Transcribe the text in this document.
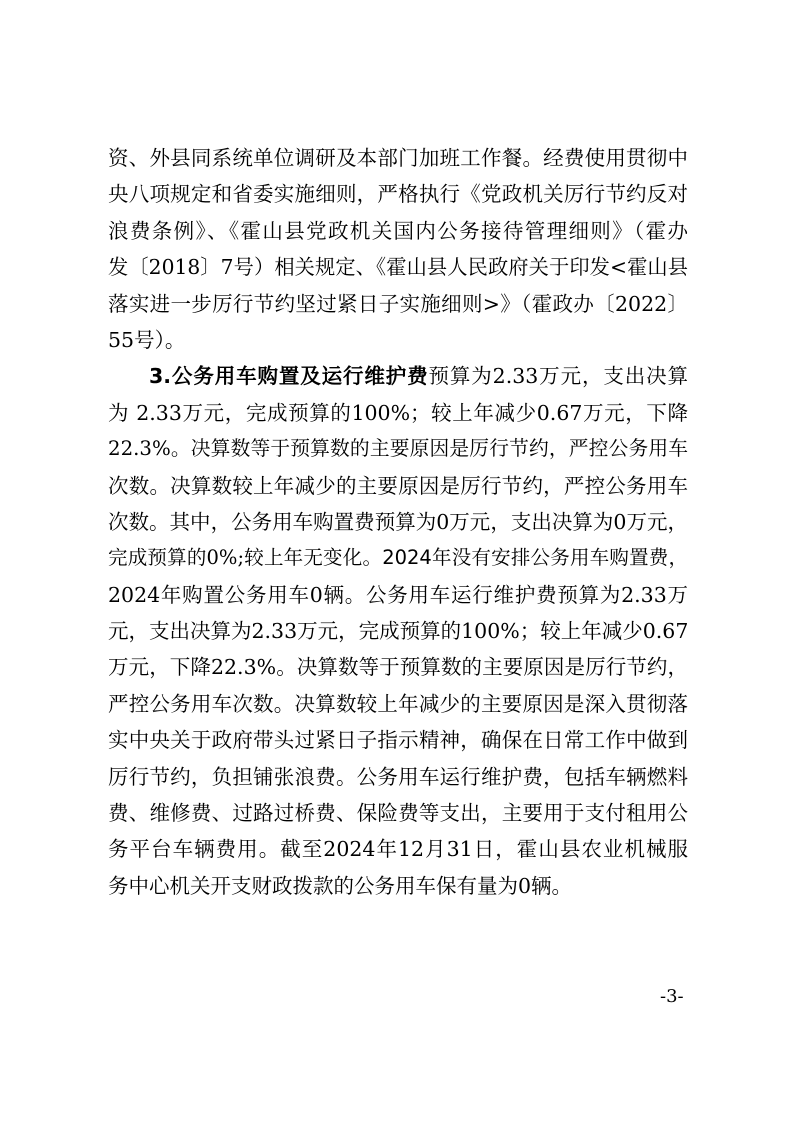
资、外县同系统单位调研及本部门加班工作餐。经费使用贯彻中
央八项规定和省委实施细则，严格执行《党政机关厉行节约反对
浪费条例》、《霍山县党政机关国内公务接待管理细则》（霍办
发〔2018〕7号）相关规定、《霍山县人民政府关于印发<霍山县
落实进一步厉行节约坚过紧日子实施细则>》（霍政办〔2022〕
55号）。
3.公务用车购置及运行维护费预算为2.33万元，支出决算
为 2.33万元，完成预算的100%；较上年减少0.67万元，下降
22.3%。决算数等于预算数的主要原因是厉行节约，严控公务用车
次数。决算数较上年减少的主要原因是厉行节约，严控公务用车
次数。其中，公务用车购置费预算为0万元，支出决算为0万元，
完成预算的0%;较上年无变化。2024年没有安排公务用车购置费，
2024年购置公务用车0辆。公务用车运行维护费预算为2.33万
元，支出决算为2.33万元，完成预算的100%；较上年减少0.67
万元，下降22.3%。决算数等于预算数的主要原因是厉行节约，
严控公务用车次数。决算数较上年减少的主要原因是深入贯彻落
实中央关于政府带头过紧日子指示精神，确保在日常工作中做到
厉行节约，负担铺张浪费。公务用车运行维护费，包括车辆燃料
费、维修费、过路过桥费、保险费等支出，主要用于支付租用公
务平台车辆费用。截至2024年12月31日，霍山县农业机械服
务中心机关开支财政拨款的公务用车保有量为0辆。
-3-
